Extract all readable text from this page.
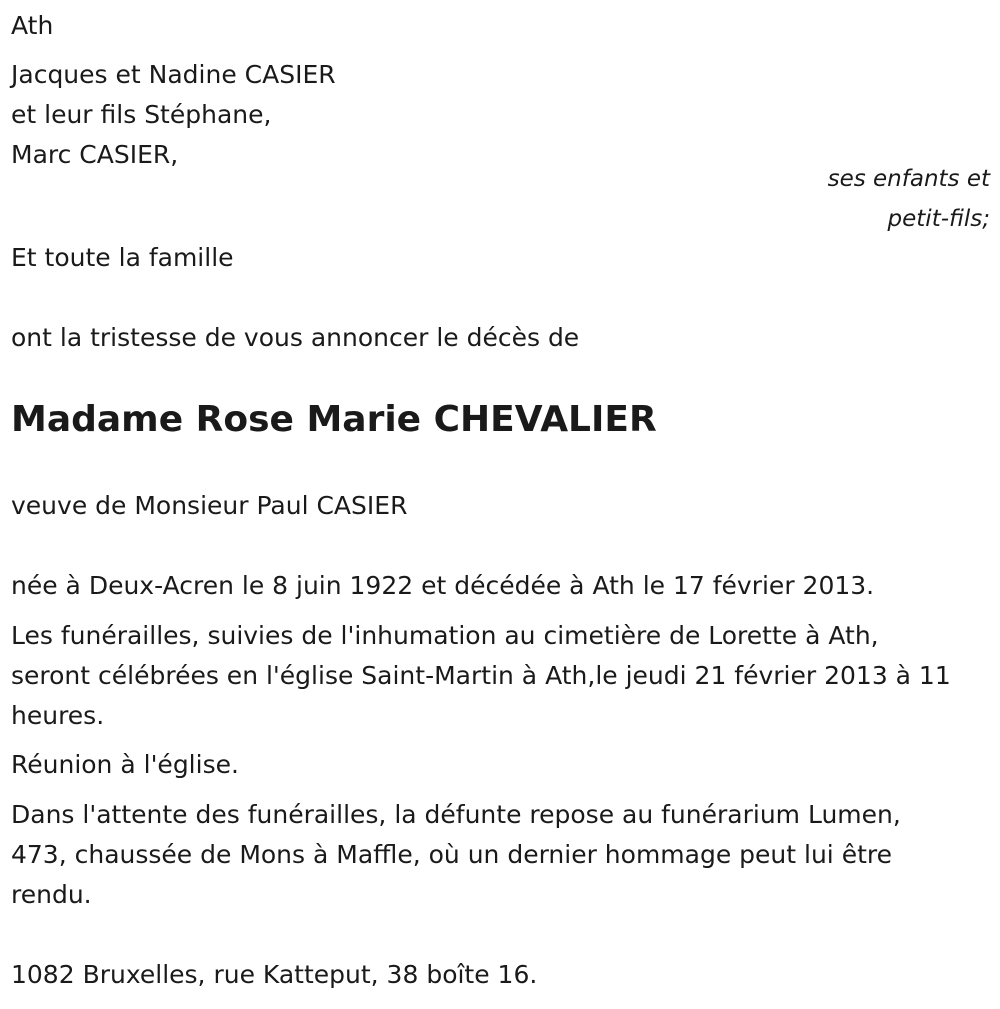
Ath
Jacques et Nadine CASIER
et leur fils Stéphane,
Marc CASIER,
ses enfants et
petit-fils;
Et toute la famille
ont la tristesse de vous annoncer le décès de
Madame Rose Marie CHEVALIER
veuve de Monsieur Paul CASIER
née à Deux-Acren le 8 juin 1922 et décédée à Ath le 17 février 2013.
Les funérailles, suivies de l'inhumation au cimetière de Lorette à Ath,
seront célébrées en l'église Saint-Martin à Ath,le jeudi 21 février 2013 à 11
heures.
Réunion à l'église.
Dans l'attente des funérailles, la défunte repose au funérarium Lumen,
473, chaussée de Mons à Maffle, où un dernier hommage peut lui être
rendu.
1082 Bruxelles, rue Katteput, 38 boîte 16.
